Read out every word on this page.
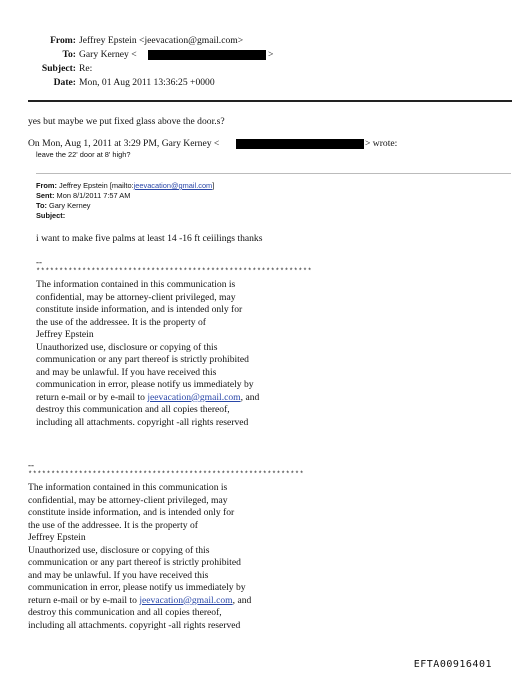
From: Jeffrey Epstein <jeevacation@gmail.com>
To: Gary Kerney <	>
Subject: Re:
Date: Mon, 01 Aug 2011 13:36:25 +0000
yes but maybe we put fixed glass above the door.s?
On Mon, Aug 1, 2011 at 3:29 PM, Gary Kerney <	> wrote:
leave the 22' door at 8' high?
From: Jeffrey Epstein [mailto:jeevacation@gmail.com]
Sent: Mon 8/1/2011 7:57 AM
To: Gary Kerney
Subject:
i want to make five palms at least 14 -16 ft ceiilings thanks
--
************************************************************
The information contained in this communication is
confidential, may be attorney-client privileged, may
constitute inside information, and is intended only for
the use of the addressee. It is the property of
Jeffrey Epstein
Unauthorized use, disclosure or copying of this
communication or any part thereof is strictly prohibited
and may be unlawful. If you have received this
communication in error, please notify us immediately by
return e-mail or by e-mail to jeevacation@gmail.com, and
destroy this communication and all copies thereof,
including all attachments. copyright -all rights reserved
--
************************************************************
The information contained in this communication is
confidential, may be attorney-client privileged, may
constitute inside information, and is intended only for
the use of the addressee. It is the property of
Jeffrey Epstein
Unauthorized use, disclosure or copying of this
communication or any part thereof is strictly prohibited
and may be unlawful. If you have received this
communication in error, please notify us immediately by
return e-mail or by e-mail to jeevacation@gmail.com, and
destroy this communication and all copies thereof,
including all attachments. copyright -all rights reserved
EFTA00916401
